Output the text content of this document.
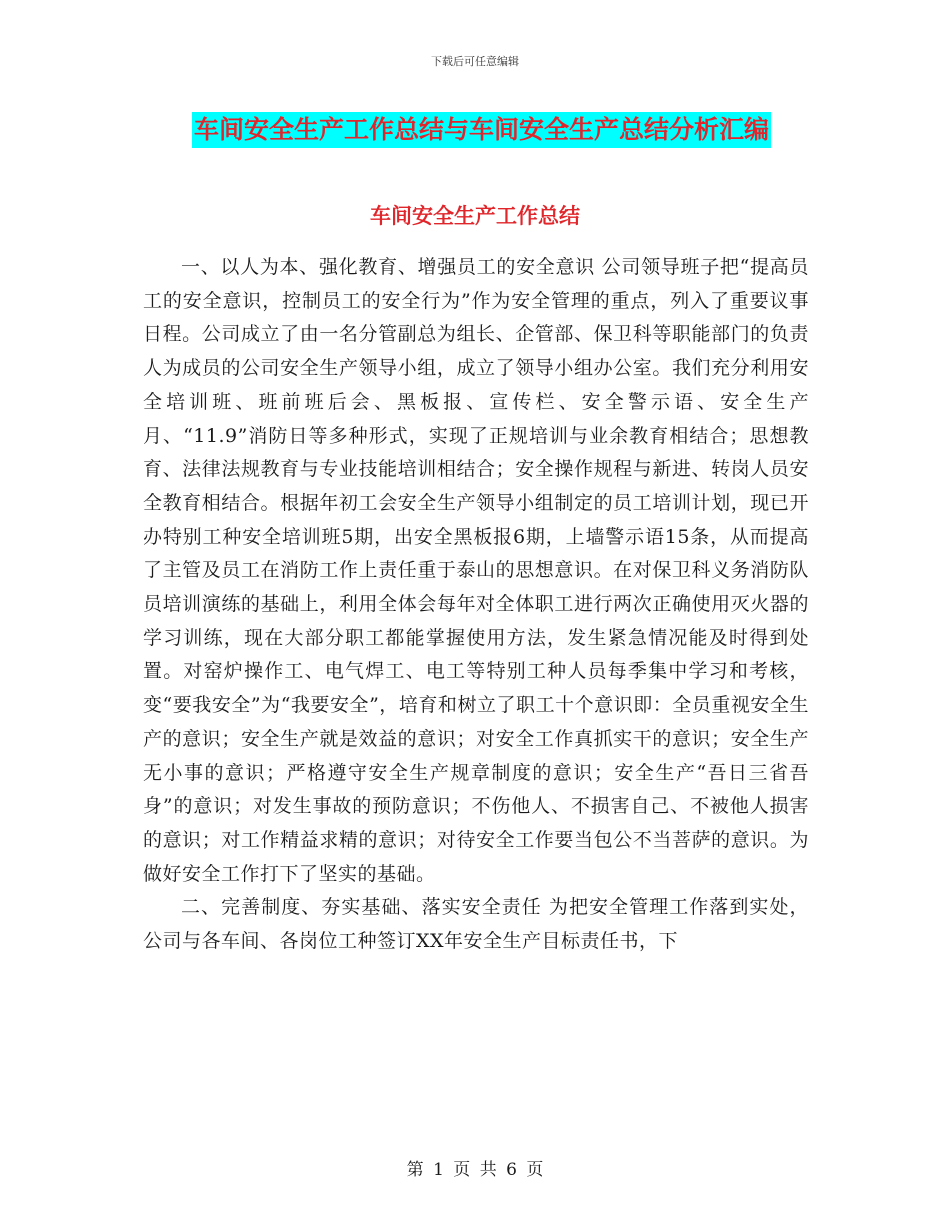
下载后可任意编辑
车间安全生产工作总结与车间安全生产总结分析汇编
车间安全生产工作总结

一、以人为本、强化教育、增强员工的安全意识 公司领导班子把“提高员工的安全意识，控制员工的安全行为”作为安全管理的重点，列入了重要议事日程。公司成立了由一名分管副总为组长、企管部、保卫科等职能部门的负责人为成员的公司安全生产领导小组，成立了领导小组办公室。我们充分利用安全培训班、班前班后会、黑板报、宣传栏、安全警示语、安全生产月、“11.9”消防日等多种形式，实现了正规培训与业余教育相结合；思想教育、法律法规教育与专业技能培训相结合；安全操作规程与新进、转岗人员安全教育相结合。根据年初工会安全生产领导小组制定的员工培训计划，现已开办特别工种安全培训班5期，出安全黑板报6期，上墙警示语15条，从而提高了主管及员工在消防工作上责任重于泰山的思想意识。在对保卫科义务消防队员培训演练的基础上，利用全体会每年对全体职工进行两次正确使用灭火器的学习训练，现在大部分职工都能掌握使用方法，发生紧急情况能及时得到处置。对窑炉操作工、电气焊工、电工等特别工种人员每季集中学习和考核，变“要我安全”为“我要安全”，培育和树立了职工十个意识即：全员重视安全生产的意识；安全生产就是效益的意识；对安全工作真抓实干的意识；安全生产无小事的意识；严格遵守安全生产规章制度的意识；安全生产“吾日三省吾身”的意识；对发生事故的预防意识；不伤他人、不损害自己、不被他人损害的意识；对工作精益求精的意识；对待安全工作要当包公不当菩萨的意识。为做好安全工作打下了坚实的基础。

二、完善制度、夯实基础、落实安全责任 为把安全管理工作落到实处，公司与各车间、各岗位工种签订XX年安全生产目标责任书，下

第 1 页 共 6 页
